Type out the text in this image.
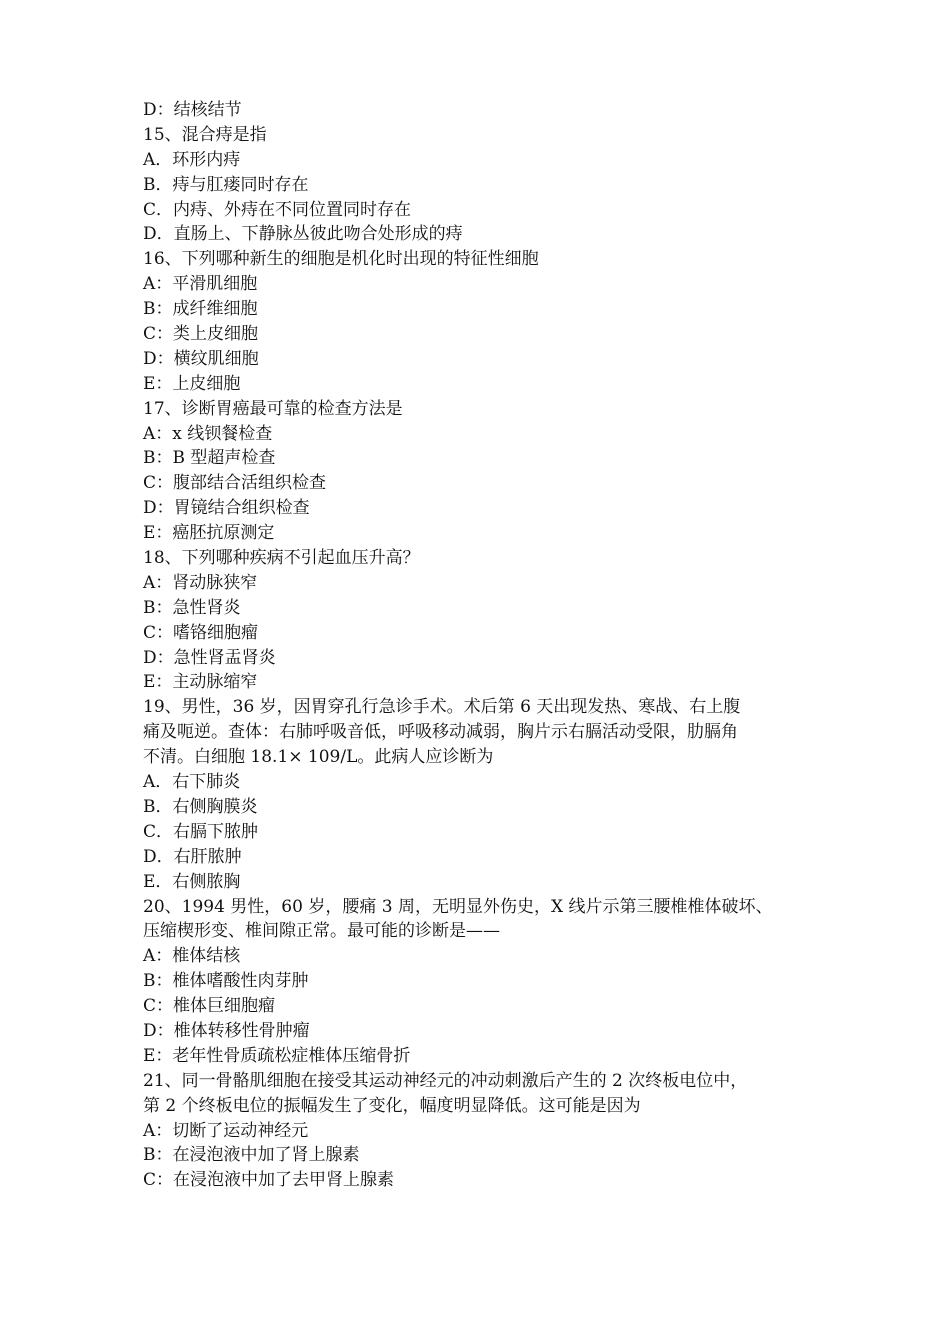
D：结核结节
15、混合痔是指
A．环形内痔
B．痔与肛瘘同时存在
C．内痔、外痔在不同位置同时存在
D．直肠上、下静脉丛彼此吻合处形成的痔
16、下列哪种新生的细胞是机化时出现的特征性细胞
A：平滑肌细胞
B：成纤维细胞
C：类上皮细胞
D：横纹肌细胞
E：上皮细胞
17、诊断胃癌最可靠的检查方法是
A：x 线钡餐检查
B：B 型超声检查
C：腹部结合活组织检查
D：胃镜结合组织检查
E：癌胚抗原测定
18、下列哪种疾病不引起血压升高？
A：肾动脉狭窄
B：急性肾炎
C：嗜铬细胞瘤
D：急性肾盂肾炎
E：主动脉缩窄
19、男性，36 岁，因胃穿孔行急诊手术。术后第 6 天出现发热、寒战、右上腹
痛及呃逆。查体：右肺呼吸音低，呼吸移动减弱，胸片示右膈活动受限，肋膈角
不清。白细胞 18.1× 109/L。此病人应诊断为
A．右下肺炎
B．右侧胸膜炎
C．右膈下脓肿
D．右肝脓肿
E．右侧脓胸
20、1994 男性，60 岁，腰痛 3 周，无明显外伤史，X 线片示第三腰椎椎体破坏、
压缩楔形变、椎间隙正常。最可能的诊断是——
A：椎体结核
B：椎体嗜酸性肉芽肿
C：椎体巨细胞瘤
D：椎体转移性骨肿瘤
E：老年性骨质疏松症椎体压缩骨折
21、同一骨骼肌细胞在接受其运动神经元的冲动刺激后产生的 2 次终板电位中，
第 2 个终板电位的振幅发生了变化，幅度明显降低。这可能是因为
A：切断了运动神经元
B：在浸泡液中加了肾上腺素
C：在浸泡液中加了去甲肾上腺素
